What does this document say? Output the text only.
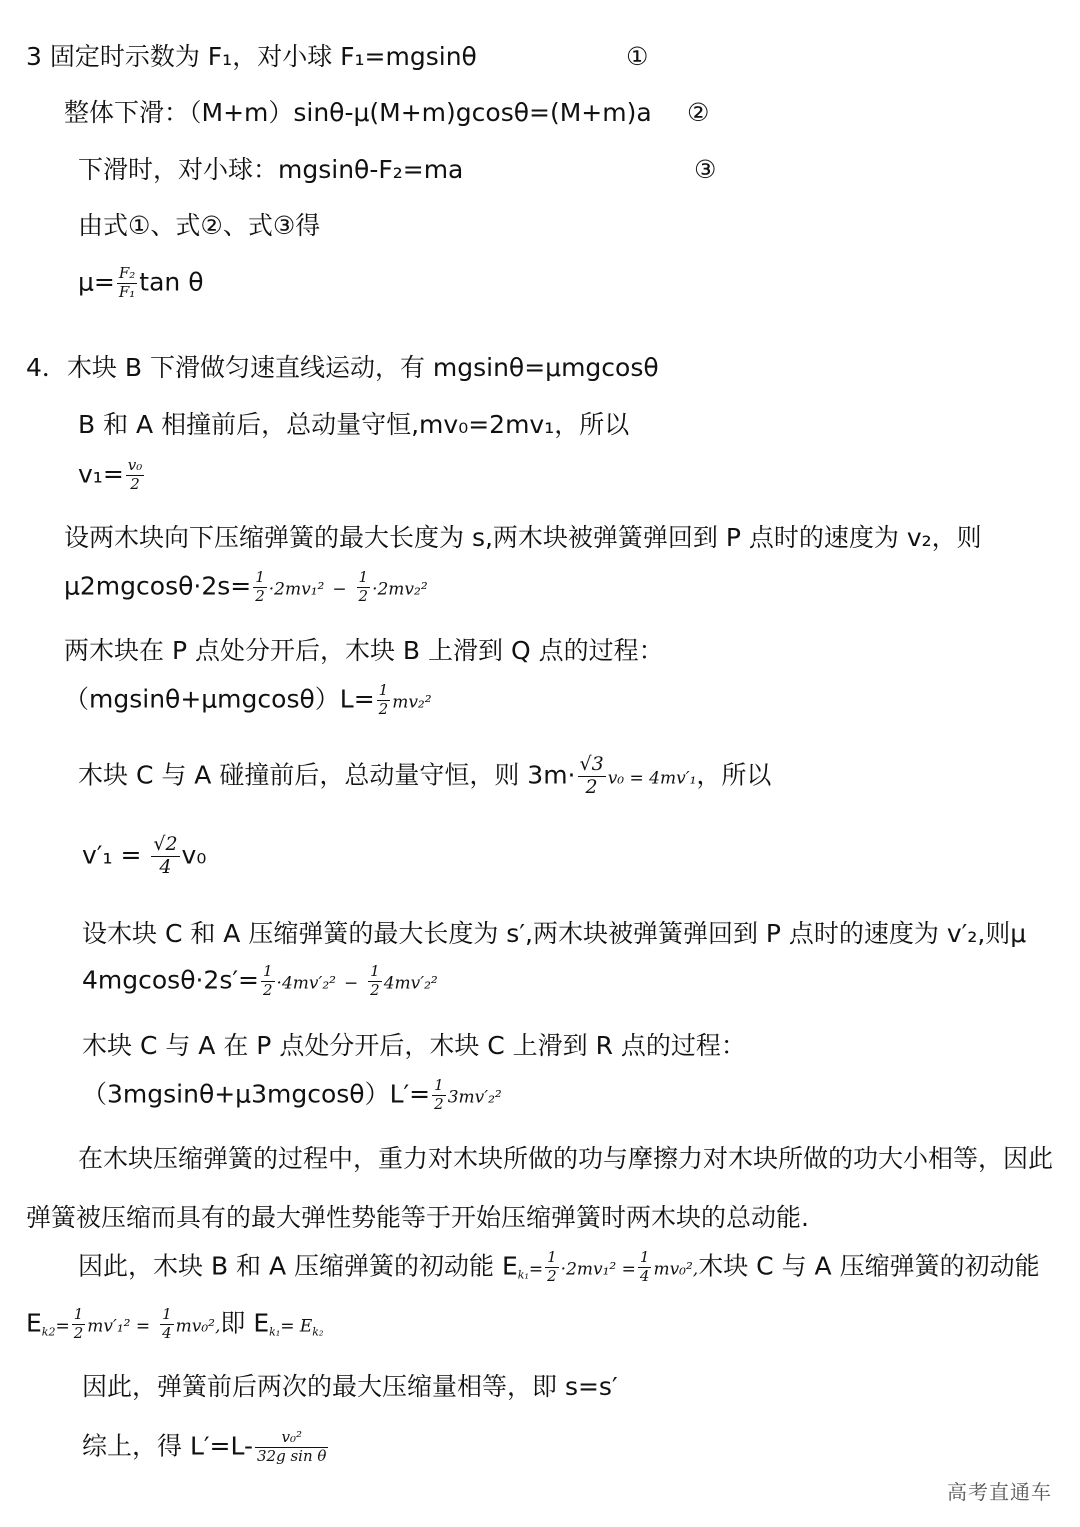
3 固定时示数为 F₁，对小球 F₁=mgsinθ	①
整体下滑：（M+m）sinθ-μ(M+m)gcosθ=(M+m)a ②
下滑时，对小球：mgsinθ-F₂=ma	③
由式①、式②、式③得
$\mu= \frac{\text{F₂}}{\text{F₁}}$ tan θ
4．木块 B 下滑做匀速直线运动，有 mgsinθ=μmgcosθ
B 和 A 相撞前后，总动量守恒,mv₀=2mv₁，所以
$v_1= \frac{\text{v₀}}{2}$
设两木块向下压缩弹簧的最大长度为 s,两木块被弹簧弹回到 P 点时的速度为 v₂，则
$\mu 2mgcos\theta\cdot 2s= \frac{1}{2} \cdot 2mv_1^2 - \frac{1}{2} \cdot 2mv_2^2$
两木块在 P 点处分开后，木块 B 上滑到 Q 点的过程：
$(mgsin\theta+\mu mgcos\theta)L= \frac{1}{2} mv_2^2$
木块 C 与 A 碰撞前后，总动量守恒，则 $3m\cdot \frac{√3}{2} v_0 = 4mv'_1$，所以
$v'_1 = \frac{√2}{4} v_0$
设木块 C 和 A 压缩弹簧的最大长度为 s′,两木块被弹簧弹回到 P 点时的速度为 v′₂,则μ
$4mgcos\theta\cdot 2s'= \frac{1}{2} \cdot 4mv'_2^2 - \frac{1}{2} 4mv'_2^2$
木块 C 与 A 在 P 点处分开后，木块 C 上滑到 R 点的过程：
$(3mgsin\theta+\mu 3mgcos\theta)L'= \frac{1}{2} 3mv'_2^2$
在木块压缩弹簧的过程中，重力对木块所做的功与摩擦力对木块所做的功大小相等，因此
弹簧被压缩而具有的最大弹性势能等于开始压缩弹簧时两木块的总动能.
因此，木块 B 和 A 压缩弹簧的初动能 $E_{k_1}= \frac{1}{2} \cdot 2mv_1^2 = \frac{1}{4} mv_0^2$,木块 C 与 A 压缩弹簧的初动能
$E_{k2}= \frac{1}{2} mv'_1^2 = \frac{1}{4} mv_0^2$,即 $E_{k_1}= E_{k_2}$
因此，弹簧前后两次的最大压缩量相等，即 s=s′
综上，得 $L'=L- \frac{\text{v₀²}}{\text{32g sin θ}}$
高考直通车
